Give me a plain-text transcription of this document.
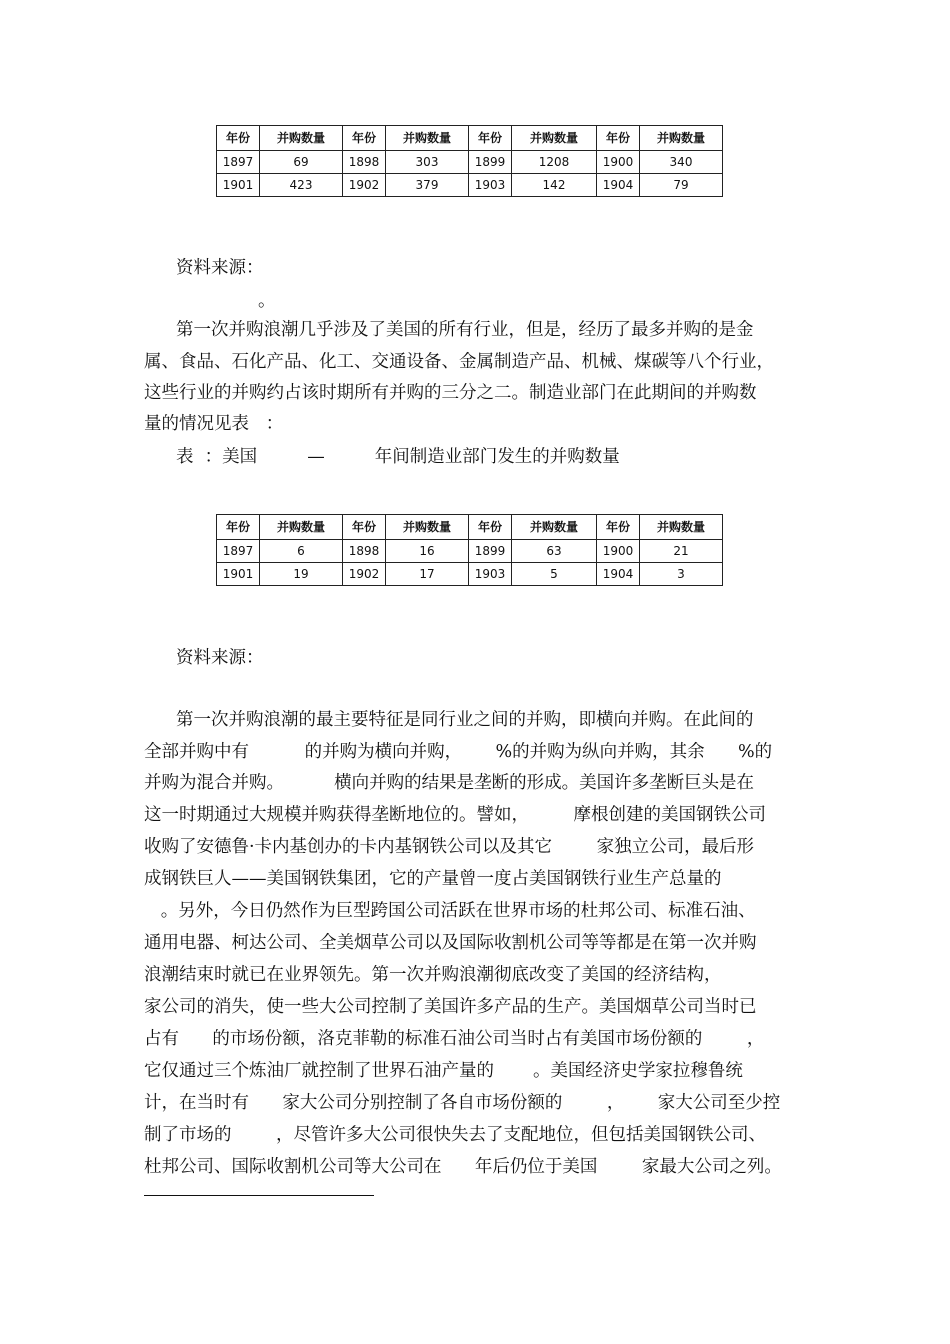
年份	并购数量	年份	并购数量	年份	并购数量	年份	并购数量
1897	69	1898	303	1899	1208	1900	340
1901	423	1902	379	1903	142	1904	79
资料来源：
。
第一次并购浪潮几乎涉及了美国的所有行业，但是，经历了最多并购的是金
属、食品、石化产品、化工、交通设备、金属制造产品、机械、煤碳等八个行业，
这些行业的并购约占该时期所有并购的三分之二。制造业部门在此期间的并购数
量的情况见表   ：
表  ：美国         —         年间制造业部门发生的并购数量
年份	并购数量	年份	并购数量	年份	并购数量	年份	并购数量
1897	6	1898	16	1899	63	1900	21
1901	19	1902	17	1903	5	1904	3
资料来源：
第一次并购浪潮的最主要特征是同行业之间的并购，即横向并购。在此间的
全部并购中有          的并购为横向并购，      %的并购为纵向并购，其余      %的
并购为混合并购。         横向并购的结果是垄断的形成。美国许多垄断巨头是在
这一时期通过大规模并购获得垄断地位的。譬如，        摩根创建的美国钢铁公司
收购了安德鲁·卡内基创办的卡内基钢铁公司以及其它        家独立公司，最后形
成钢铁巨人——美国钢铁集团，它的产量曾一度占美国钢铁行业生产总量的
。另外，今日仍然作为巨型跨国公司活跃在世界市场的杜邦公司、标准石油、
通用电器、柯达公司、全美烟草公司以及国际收割机公司等等都是在第一次并购
浪潮结束时就已在业界领先。第一次并购浪潮彻底改变了美国的经济结构，
家公司的消失，使一些大公司控制了美国许多产品的生产。美国烟草公司当时已
占有      的市场份额，洛克菲勒的标准石油公司当时占有美国市场份额的        ，
它仅通过三个炼油厂就控制了世界石油产量的       。美国经济史学家拉穆鲁统
计，在当时有      家大公司分别控制了各自市场份额的        ，      家大公司至少控
制了市场的        ，尽管许多大公司很快失去了支配地位，但包括美国钢铁公司、
杜邦公司、国际收割机公司等大公司在      年后仍位于美国        家最大公司之列。
